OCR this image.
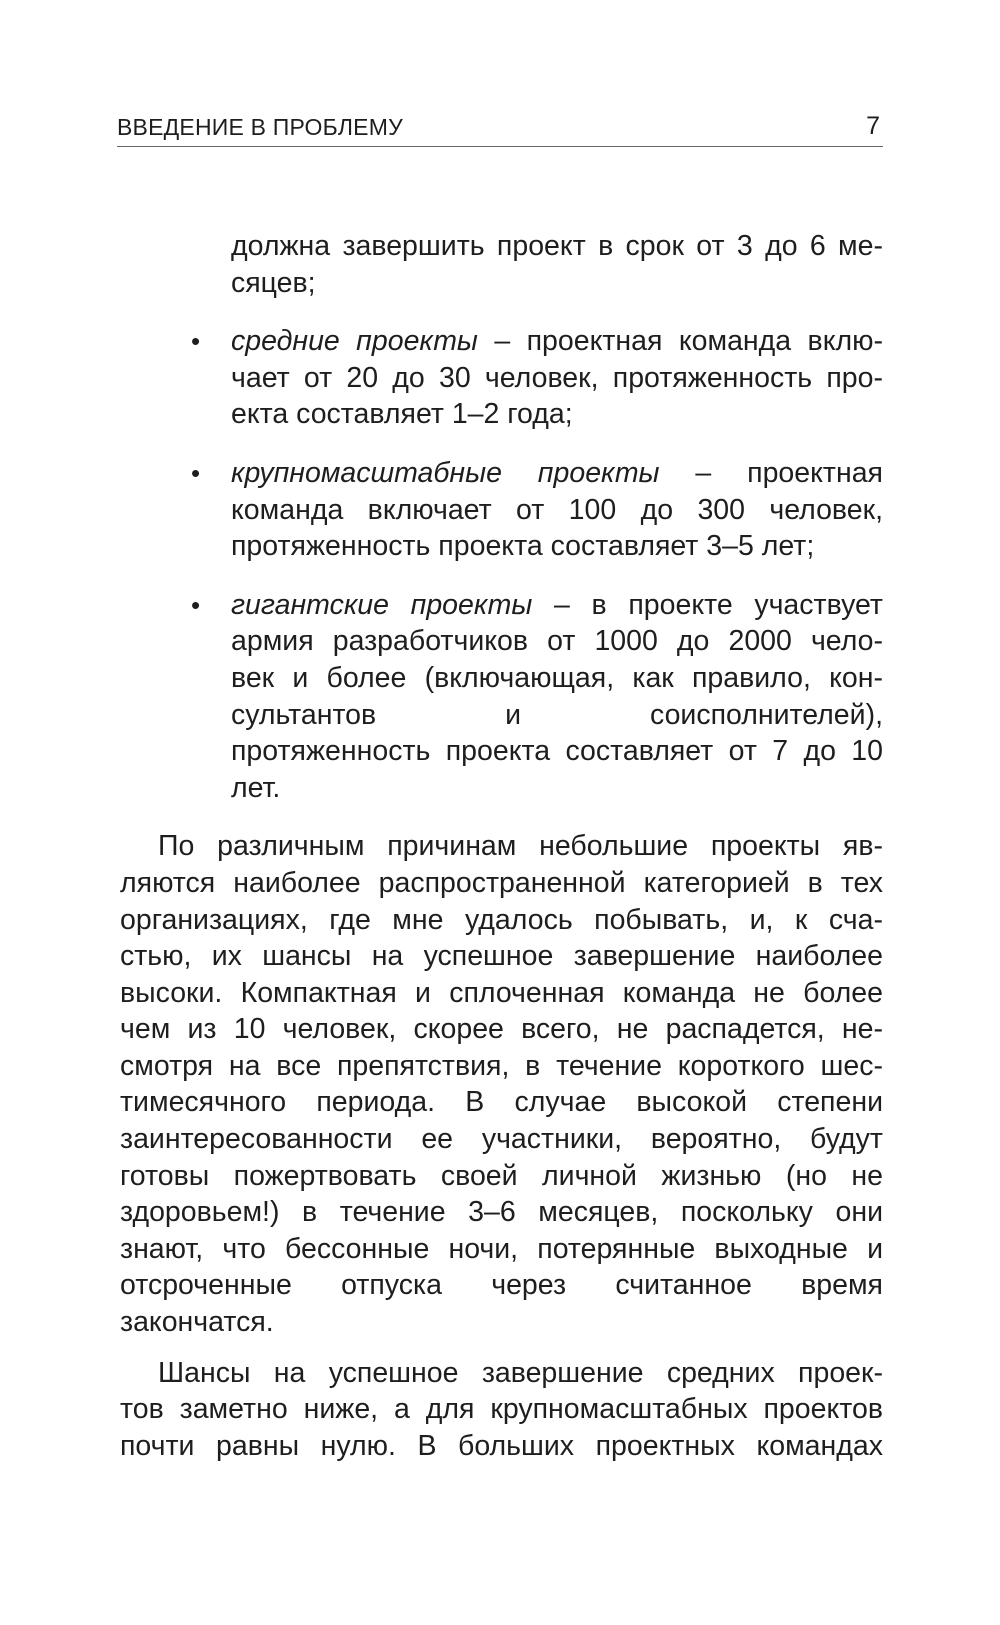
ВВЕДЕНИЕ В ПРОБЛЕМУ	7
должна завершить проект в срок от 3 до 6 ме-
сяцев;
• средние проекты – проектная команда вклю-
чает от 20 до 30 человек, протяженность про-
екта составляет 1–2 года;
• крупномасштабные проекты – проектная
команда включает от 100 до 300 человек,
протяженность проекта составляет 3–5 лет;
• гигантские проекты – в проекте участвует
армия разработчиков от 1000 до 2000 чело-
век и более (включающая, как правило, кон-
сультантов и соисполнителей),
протяженность проекта составляет от 7 до 10
лет.

По различным причинам небольшие проекты яв-
ляются наиболее распространенной категорией в тех
организациях, где мне удалось побывать, и, к сча-
стью, их шансы на успешное завершение наиболее
высоки. Компактная и сплоченная команда не более
чем из 10 человек, скорее всего, не распадется, не-
смотря на все препятствия, в течение короткого шес-
тимесячного периода. В случае высокой степени
заинтересованности ее участники, вероятно, будут
готовы пожертвовать своей личной жизнью (но не
здоровьем!) в течение 3–6 месяцев, поскольку они
знают, что бессонные ночи, потерянные выходные и
отсроченные отпуска через считанное время
закончатся.

Шансы на успешное завершение средних проек-
тов заметно ниже, а для крупномасштабных проектов
почти равны нулю. В больших проектных командах
